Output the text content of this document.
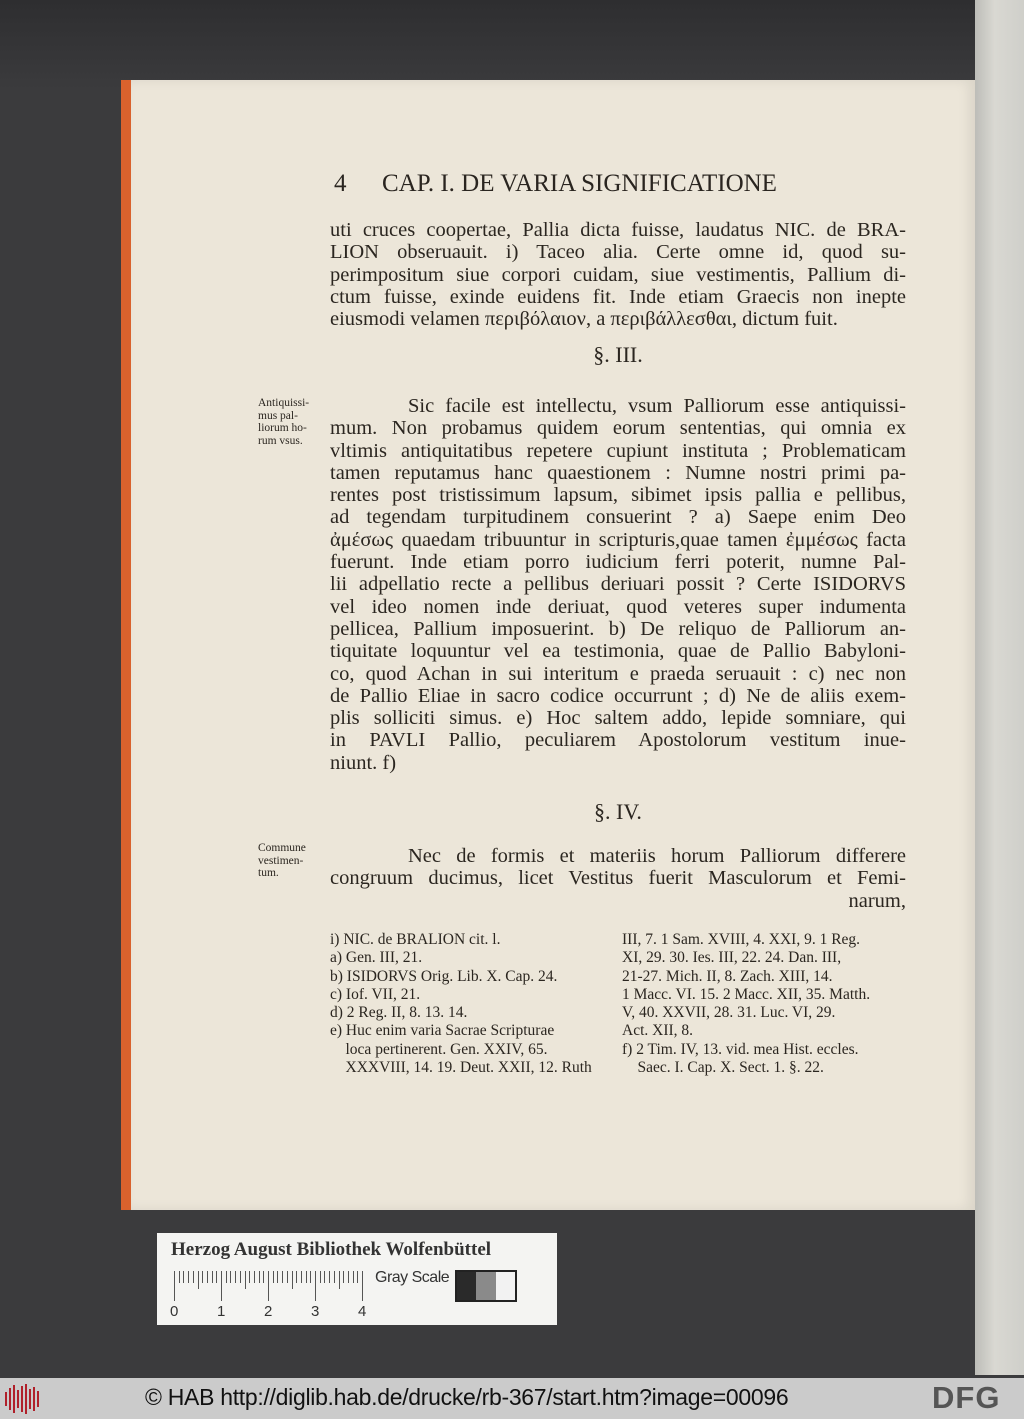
4 CAP. I. DE VARIA SIGNIFICATIONE
uti cruces coopertae, Pallia dicta fuisse, laudatus NIC. de BRA-
LION obseruauit. i) Taceo alia. Certe omne id, quod su-
perimpositum siue corpori cuidam, siue vestimentis, Pallium di-
ctum fuisse, exinde euidens fit. Inde etiam Graecis non inepte
eiusmodi velamen περιβόλαιον, a περιβάλλεσθαι, dictum fuit.
§. III.
Antiquissi-
mus pal-
liorum ho-
rum vsus.
Sic facile est intellectu, vsum Palliorum esse antiquissi-
mum. Non probamus quidem eorum sententias, qui omnia ex
vltimis antiquitatibus repetere cupiunt instituta ; Problematicam
tamen reputamus hanc quaestionem : Numne nostri primi pa-
rentes post tristissimum lapsum, sibimet ipsis pallia e pellibus,
ad tegendam turpitudinem consuerint ? a) Saepe enim Deo
ἀμέσως quaedam tribuuntur in scripturis,quae tamen ἐμμέσως facta
fuerunt. Inde etiam porro iudicium ferri poterit, numne Pal-
lii adpellatio recte a pellibus deriuari possit ? Certe ISIDORVS
vel ideo nomen inde deriuat, quod veteres super indumenta
pellicea, Pallium imposuerint. b) De reliquo de Palliorum an-
tiquitate loquuntur vel ea testimonia, quae de Pallio Babyloni-
co, quod Achan in sui interitum e praeda seruauit : c) nec non
de Pallio Eliae in sacro codice occurrunt ; d) Ne de aliis exem-
plis solliciti simus. e) Hoc saltem addo, lepide somniare, qui
in PAVLI Pallio, peculiarem Apostolorum vestitum inue-
niunt. f)
§. IV.
Commune
vestimen-
tum.
Nec de formis et materiis horum Palliorum differere
congruum ducimus, licet Vestitus fuerit Masculorum et Femi-
narum,
i) NIC. de BRALION cit. l.
a) Gen. III, 21.
b) ISIDORVS Orig. Lib. X. Cap. 24.
c) Iof. VII, 21.
d) 2 Reg. II, 8. 13. 14.
e) Huc enim varia Sacrae Scripturae
loca pertinerent. Gen. XXIV, 65.
XXXVIII, 14. 19. Deut. XXII, 12. Ruth
III, 7. 1 Sam. XVIII, 4. XXI, 9. 1 Reg.
XI, 29. 30. Ies. III, 22. 24. Dan. III,
21-27. Mich. II, 8. Zach. XIII, 14.
1 Macc. VI. 15. 2 Macc. XII, 35. Matth.
V, 40. XXVII, 28. 31. Luc. VI, 29.
Act. XII, 8.
f) 2 Tim. IV, 13. vid. mea Hist. eccles.
Saec. I. Cap. X. Sect. 1. §. 22.
Herzog August Bibliothek Wolfenbüttel
0	1	2	3	4
Gray Scale
© HAB http://diglib.hab.de/drucke/rb-367/start.htm?image=00096	DFG
